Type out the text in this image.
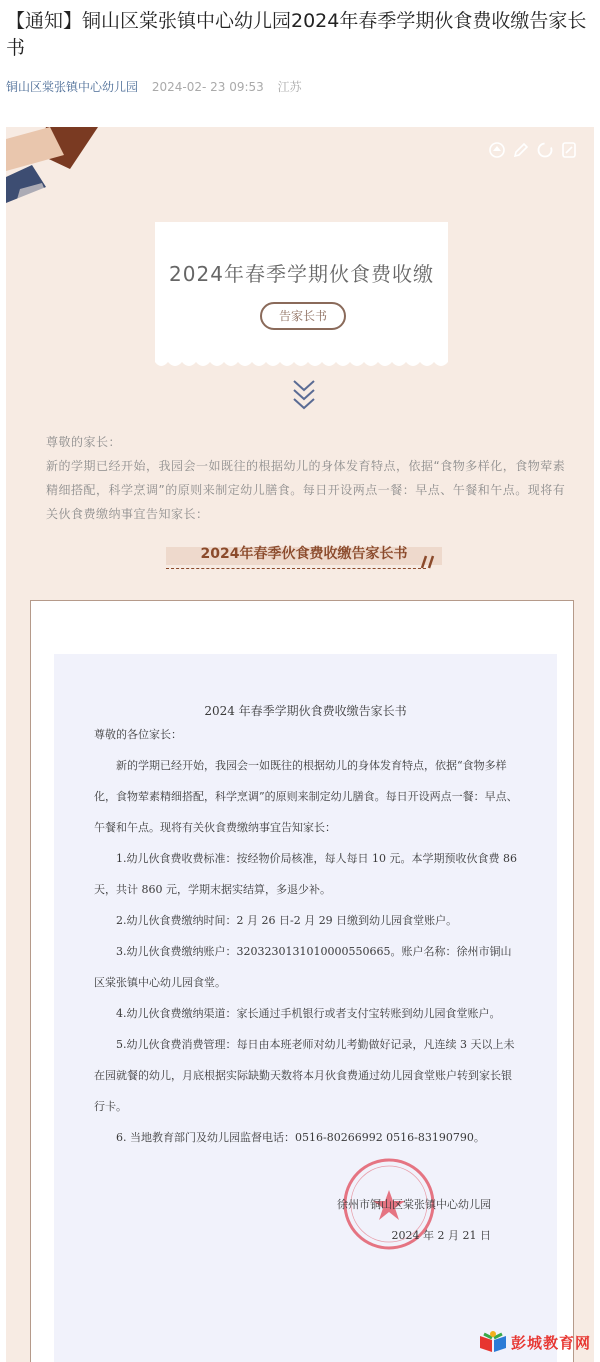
【通知】铜山区棠张镇中心幼儿园2024年春季学期伙食费收缴告家长书
铜山区棠张镇中心幼儿园 2024-02- 23 09:53 江苏
2024年春季学期伙食费收缴
告家长书

尊敬的家长：

新的学期已经开始，我园会一如既往的根据幼儿的身体发育特点，依据“食物多样化，食物荤素精细搭配，科学烹调”的原则来制定幼儿膳食。每日开设两点一餐：早点、午餐和午点。现将有关伙食费缴纳事宜告知家长：

2024年春季伙食费收缴告家长书
2024 年春季学期伙食费收缴告家长书

尊敬的各位家长：

新的学期已经开始，我园会一如既往的根据幼儿的身体发育特点，依据“食物多样化，食物荤素精细搭配，科学烹调”的原则来制定幼儿膳食。每日开设两点一餐：早点、午餐和午点。现将有关伙食费缴纳事宜告知家长：

1.幼儿伙食费收费标准：按经物价局核准，每人每日 10 元。本学期预收伙食费 86 天，共计 860 元，学期末据实结算，多退少补。

2.幼儿伙食费缴纳时间：2 月 26 日-2 月 29 日缴到幼儿园食堂账户。

3.幼儿伙食费缴纳账户：32032301310100005506​65。账户名称：徐州市铜山区棠张镇中心幼儿园食堂。

4.幼儿伙食费缴纳渠道：家长通过手机银行或者支付宝转账到幼儿园食堂账户。

5.幼儿伙食费消费管理：每日由本班老师对幼儿考勤做好记录，凡连续 3 天以上未在园就餐的幼儿，月底根据实际缺勤天数将本月伙食费通过幼儿园食堂账户转到家长银行卡。

6. 当地教育部门及幼儿园监督电话：0516-80266992 0516-83190790。

徐州市铜山区棠张镇中心幼儿园
2024 年 2 月 21 日
彭城教育网
